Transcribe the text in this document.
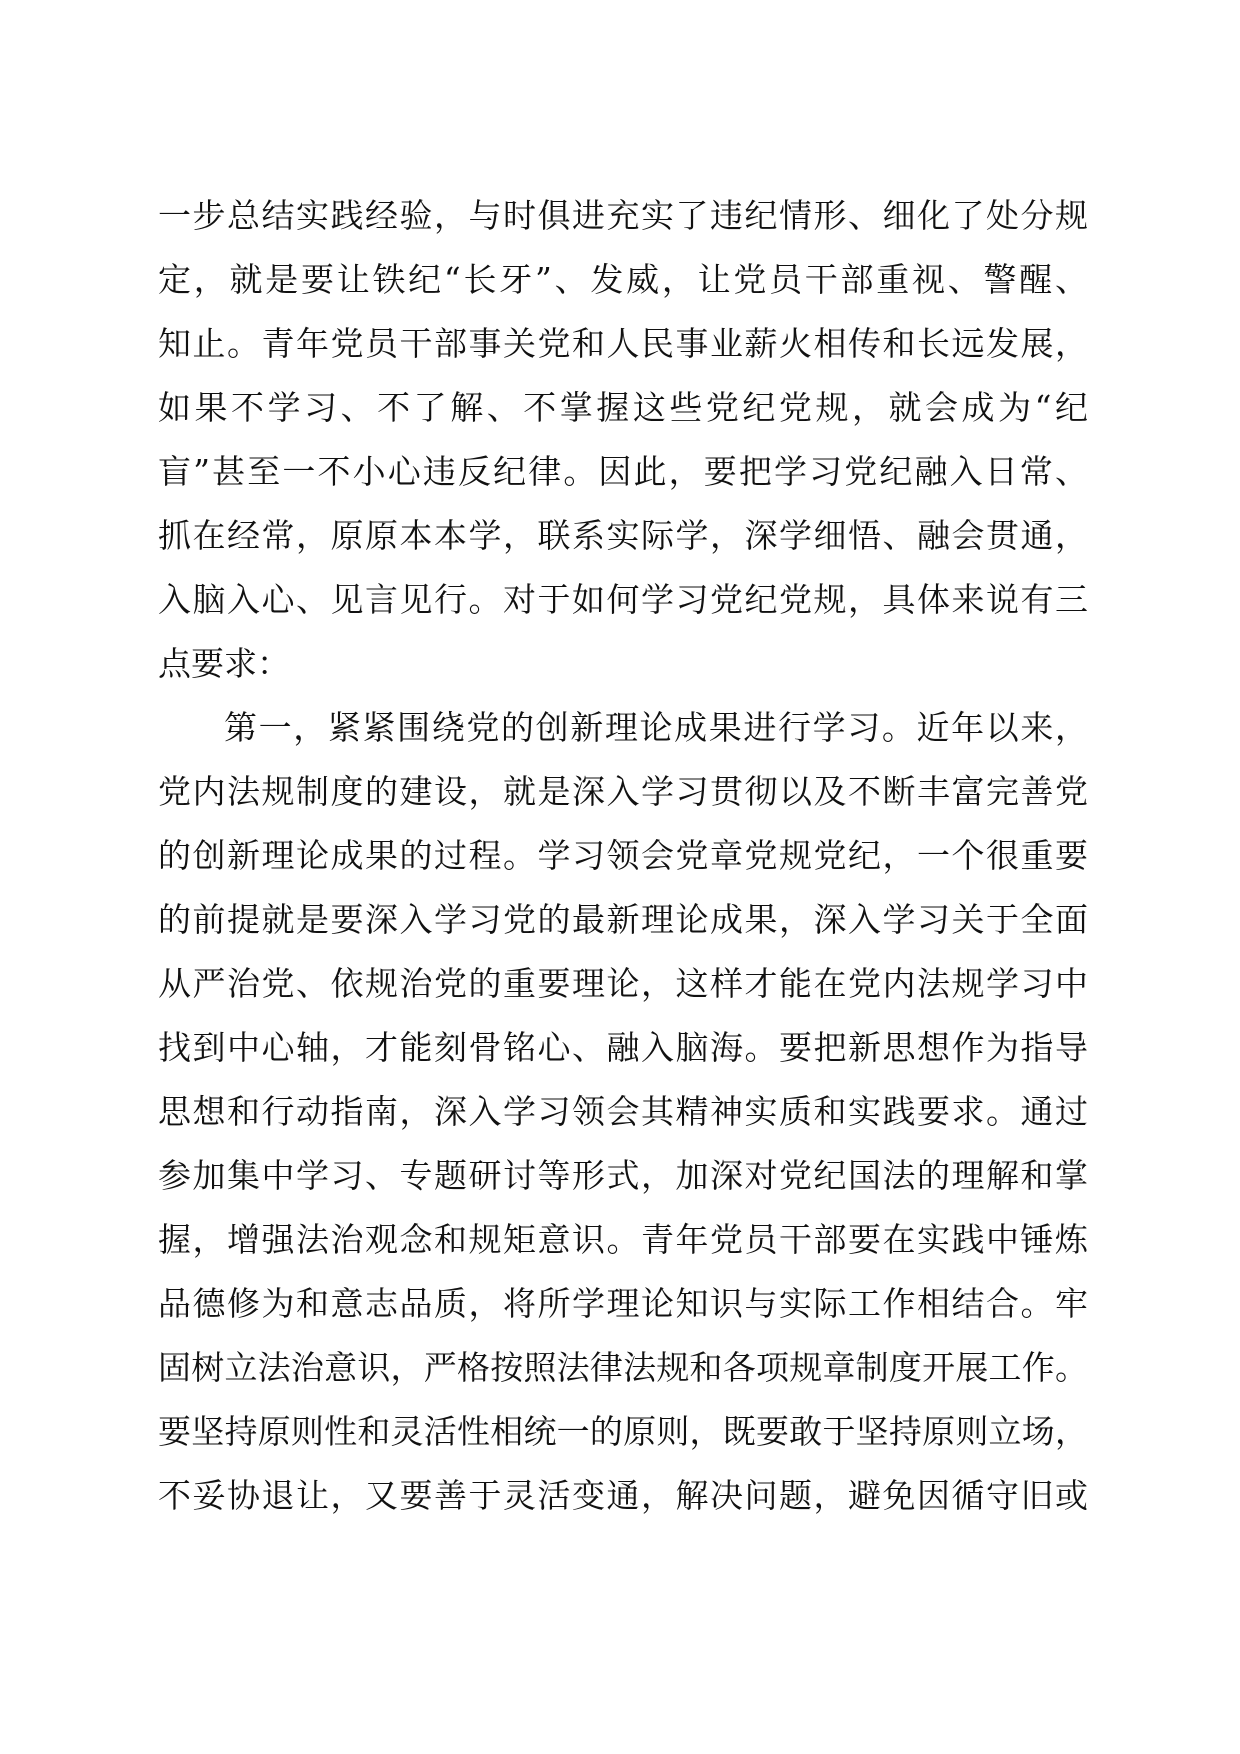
一步总结实践经验，与时俱进充实了违纪情形、细化了处分规
定，就是要让铁纪“长牙”、发威，让党员干部重视、警醒、
知止。青年党员干部事关党和人民事业薪火相传和长远发展，
如果不学习、不了解、不掌握这些党纪党规，就会成为“纪
盲”甚至一不小心违反纪律。因此，要把学习党纪融入日常、
抓在经常，原原本本学，联系实际学，深学细悟、融会贯通，
入脑入心、见言见行。对于如何学习党纪党规，具体来说有三
点要求：
第一，紧紧围绕党的创新理论成果进行学习。近年以来，
党内法规制度的建设，就是深入学习贯彻以及不断丰富完善党
的创新理论成果的过程。学习领会党章党规党纪，一个很重要
的前提就是要深入学习党的最新理论成果，深入学习关于全面
从严治党、依规治党的重要理论，这样才能在党内法规学习中
找到中心轴，才能刻骨铭心、融入脑海。要把新思想作为指导
思想和行动指南，深入学习领会其精神实质和实践要求。通过
参加集中学习、专题研讨等形式，加深对党纪国法的理解和掌
握，增强法治观念和规矩意识。青年党员干部要在实践中锤炼
品德修为和意志品质，将所学理论知识与实际工作相结合。牢
固树立法治意识，严格按照法律法规和各项规章制度开展工作。
要坚持原则性和灵活性相统一的原则，既要敢于坚持原则立场，
不妥协退让，又要善于灵活变通，解决问题，避免因循守旧或
